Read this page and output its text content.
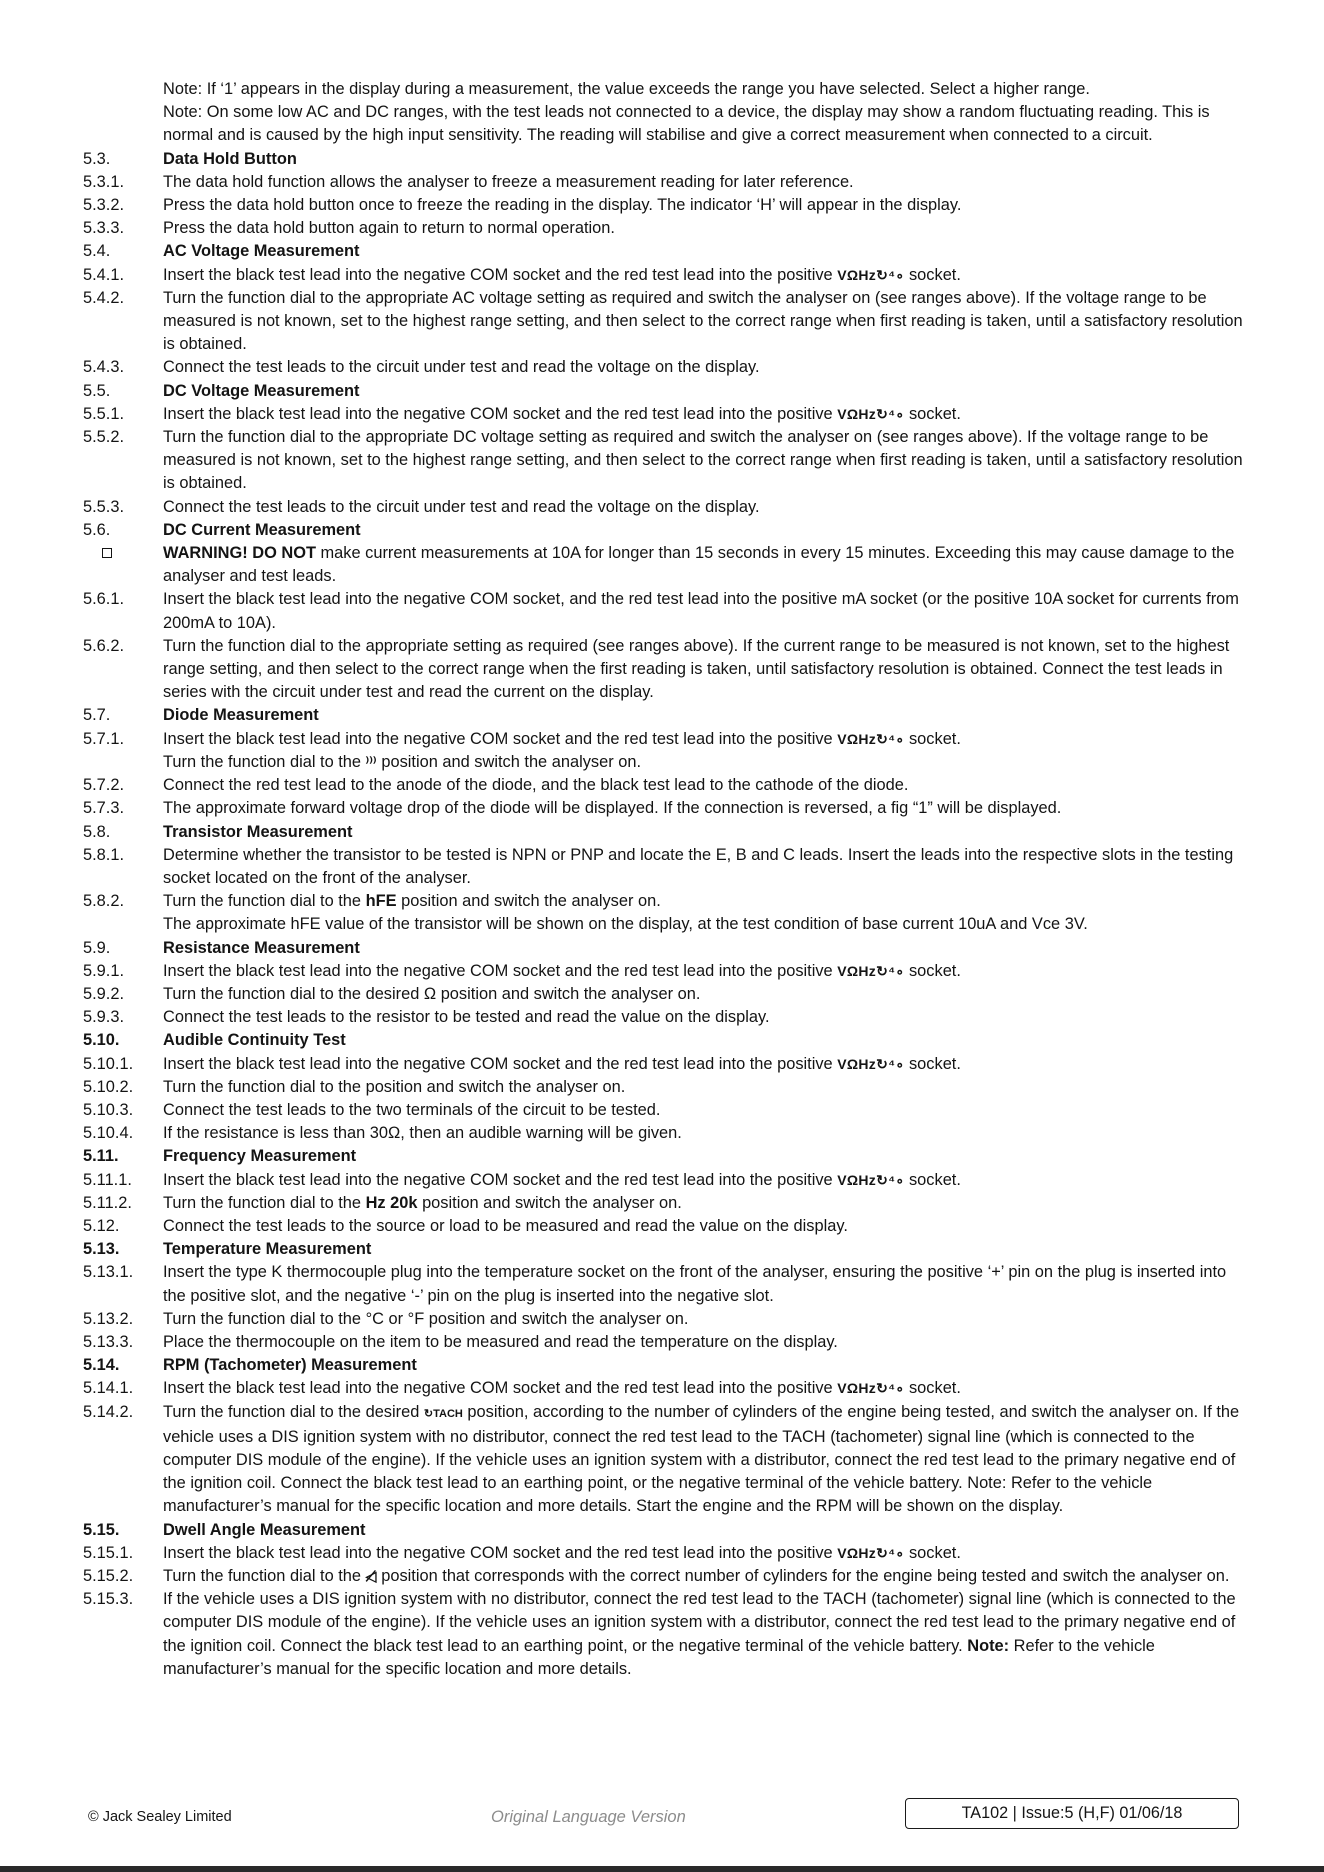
Note: If ‘1’ appears in the display during a measurement, the value exceeds the range you have selected. Select a higher range.
Note: On some low AC and DC ranges, with the test leads not connected to a device, the display may show a random fluctuating reading. This is normal and is caused by the high input sensitivity. The reading will stabilise and give a correct measurement when connected to a circuit.
5.3.	Data Hold Button
5.3.1.	The data hold function allows the analyser to freeze a measurement reading for later reference.
5.3.2.	Press the data hold button once to freeze the reading in the display. The indicator ‘H’ will appear in the display.
5.3.3.	Press the data hold button again to return to normal operation.
5.4.	AC Voltage Measurement
5.4.1.	Insert the black test lead into the negative COM socket and the red test lead into the positive VΩHz↻⁴∘ socket.
5.4.2.	Turn the function dial to the appropriate AC voltage setting as required and switch the analyser on (see ranges above). If the voltage range to be measured is not known, set to the highest range setting, and then select to the correct range when first reading is taken, until a satisfactory resolution is obtained.
5.4.3.	Connect the test leads to the circuit under test and read the voltage on the display.
5.5.	DC Voltage Measurement
5.5.1.	Insert the black test lead into the negative COM socket and the red test lead into the positive VΩHz↻⁴∘ socket.
5.5.2.	Turn the function dial to the appropriate DC voltage setting as required and switch the analyser on (see ranges above). If the voltage range to be measured is not known, set to the highest range setting, and then select to the correct range when first reading is taken, until a satisfactory resolution is obtained.
5.5.3.	Connect the test leads to the circuit under test and read the voltage on the display.
5.6.	DC Current Measurement
WARNING! DO NOT make current measurements at 10A for longer than 15 seconds in every 15 minutes. Exceeding this may cause damage to the analyser and test leads.
5.6.1.	Insert the black test lead into the negative COM socket, and the red test lead into the positive mA socket (or the positive 10A socket for currents from 200mA to 10A).
5.6.2.	Turn the function dial to the appropriate setting as required (see ranges above). If the current range to be measured is not known, set to the highest range setting, and then select to the correct range when the first reading is taken, until satisfactory resolution is obtained. Connect the test leads in series with the circuit under test and read the current on the display.
5.7.	Diode Measurement
5.7.1.	Insert the black test lead into the negative COM socket and the red test lead into the positive VΩHz↻⁴∘ socket.
Turn the function dial to the ⁾⁾⁾ position and switch the analyser on.
5.7.2.	Connect the red test lead to the anode of the diode, and the black test lead to the cathode of the diode.
5.7.3.	The approximate forward voltage drop of the diode will be displayed. If the connection is reversed, a fig “1” will be displayed.
5.8.	Transistor Measurement
5.8.1.	Determine whether the transistor to be tested is NPN or PNP and locate the E, B and C leads. Insert the leads into the respective slots in the testing socket located on the front of the analyser.
5.8.2.	Turn the function dial to the hFE position and switch the analyser on.
The approximate hFE value of the transistor will be shown on the display, at the test condition of base current 10uA and Vce 3V.
5.9.	Resistance Measurement
5.9.1.	Insert the black test lead into the negative COM socket and the red test lead into the positive VΩHz↻⁴∘ socket.
5.9.2.	Turn the function dial to the desired Ω position and switch the analyser on.
5.9.3.	Connect the test leads to the resistor to be tested and read the value on the display.
5.10.	Audible Continuity Test
5.10.1.	Insert the black test lead into the negative COM socket and the red test lead into the positive VΩHz↻⁴∘ socket.
5.10.2.	Turn the function dial to the position and switch the analyser on.
5.10.3.	Connect the test leads to the two terminals of the circuit to be tested.
5.10.4.	If the resistance is less than 30Ω, then an audible warning will be given.
5.11.	Frequency Measurement
5.11.1.	Insert the black test lead into the negative COM socket and the red test lead into the positive VΩHz↻⁴∘ socket.
5.11.2.	Turn the function dial to the Hz 20k position and switch the analyser on.
5.12.	Connect the test leads to the source or load to be measured and read the value on the display.
5.13.	Temperature Measurement
5.13.1.	Insert the type K thermocouple plug into the temperature socket on the front of the analyser, ensuring the positive ‘+’ pin on the plug is inserted into the positive slot, and the negative ‘-’ pin on the plug is inserted into the negative slot.
5.13.2.	Turn the function dial to the °C or °F position and switch the analyser on.
5.13.3.	Place the thermocouple on the item to be measured and read the temperature on the display.
5.14.	RPM (Tachometer) Measurement
5.14.1.	Insert the black test lead into the negative COM socket and the red test lead into the positive VΩHz↻⁴∘ socket.
5.14.2.	Turn the function dial to the desired ↻TACH position, according to the number of cylinders of the engine being tested, and switch the analyser on. If the vehicle uses a DIS ignition system with no distributor, connect the red test lead to the TACH (tachometer) signal line (which is connected to the computer DIS module of the engine). If the vehicle uses an ignition system with a distributor, connect the red test lead to the primary negative end of the ignition coil. Connect the black test lead to an earthing point, or the negative terminal of the vehicle battery. Note: Refer to the vehicle manufacturer’s manual for the specific location and more details. Start the engine and the RPM will be shown on the display.
5.15.	Dwell Angle Measurement
5.15.1.	Insert the black test lead into the negative COM socket and the red test lead into the positive VΩHz↻⁴∘ socket.
5.15.2.	Turn the function dial to the ◁̸ position that corresponds with the correct number of cylinders for the engine being tested and switch the analyser on.
5.15.3.	If the vehicle uses a DIS ignition system with no distributor, connect the red test lead to the TACH (tachometer) signal line (which is connected to the computer DIS module of the engine). If the vehicle uses an ignition system with a distributor, connect the red test lead to the primary negative end of the ignition coil. Connect the black test lead to an earthing point, or the negative terminal of the vehicle battery. Note: Refer to the vehicle manufacturer’s manual for the specific location and more details.
© Jack Sealey Limited	Original Language Version	TA102 | Issue:5 (H,F) 01/06/18
